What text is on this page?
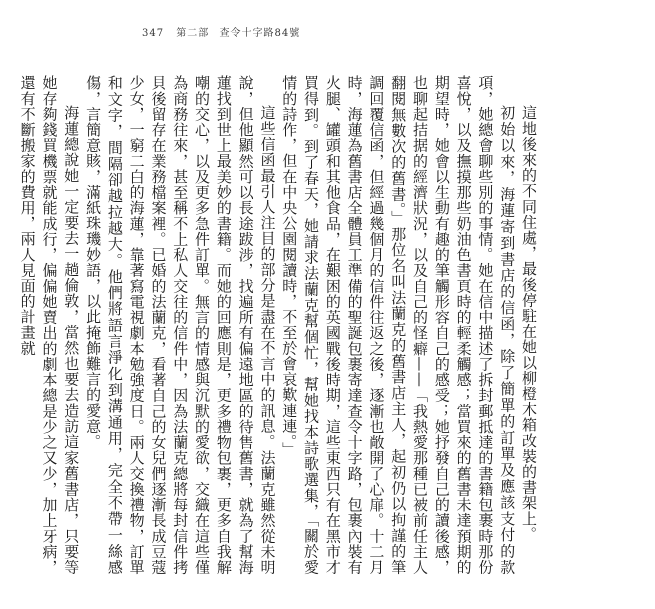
347 第二部 查令十字路84號

這地後來的不同住處，最後停駐在她以柳橙木箱改裝的書架上。

初始以來，海蓮寄到書店的信函，除了簡單的訂單及應該支付的款項，她總會聊些別的事情。她在信中描述了拆封郵抵達的書籍包裹時那份喜悅，以及撫摸那些奶油色書頁時的輕柔觸感；當買來的舊書未達預期的期望時，她會以生動有趣的筆觸形容自己的感受；她抒發自己的讀後感，也聊起拮据的經濟狀況，以及自己的怪癖——「我熱愛那種已被前任主人翻閱無數次的舊書。」那位名叫法蘭克的舊書店主人，起初仍以拘謹的筆調回覆信函，但經過幾個月的信件往返之後，逐漸也敞開了心扉。十二月時，海蓮為舊書店全體員工準備的聖誕包裹寄達查令十字路，包裹內裝有火腿、罐頭和其他食品，在艱困的英國戰後時期，這些東西只有在黑市才買得到。到了春天，她請求法蘭克幫個忙，幫她找本詩歌選集，「關於愛情的詩作，但在中央公園閱讀時，不至於會哀歎連連。」

這些信函最引人注目的部分是盡在不言中的訊息。法蘭克雖然從未明說，但他顯然可以長途跋涉，找遍所有偏遠地區的待售舊書，就為了幫海蓮找到世上最美妙的書籍。而她的回應則是，更多禮物包裹，更多自我解嘲的交心，以及更多急件訂單。無言的情感與沉默的愛欲，交織在這些僅為商務往來，甚至稱不上私人交往的信件中，因為法蘭克總將每封信件拷貝後留存在業務檔案裡。已婚的法蘭克，看著自己的女兒們逐漸長成豆蔻少女，一窮二白的海蓮，靠著寫電視劇本勉強度日。兩人交換禮物，訂單和文字，間隔卻越拉越大。他們將語言淨化到溝通用，完全不帶一絲感傷，言簡意賅，滿紙珠璣妙語，以此掩飾難言的愛意。

海蓮總說她一定要去一趟倫敦，當然也要去造訪這家舊書店，只要等她存夠錢買機票就能成行，偏偏她賣出的劇本總是少之又少，加上牙病，還有不斷搬家的費用，兩人見面的計畫就
